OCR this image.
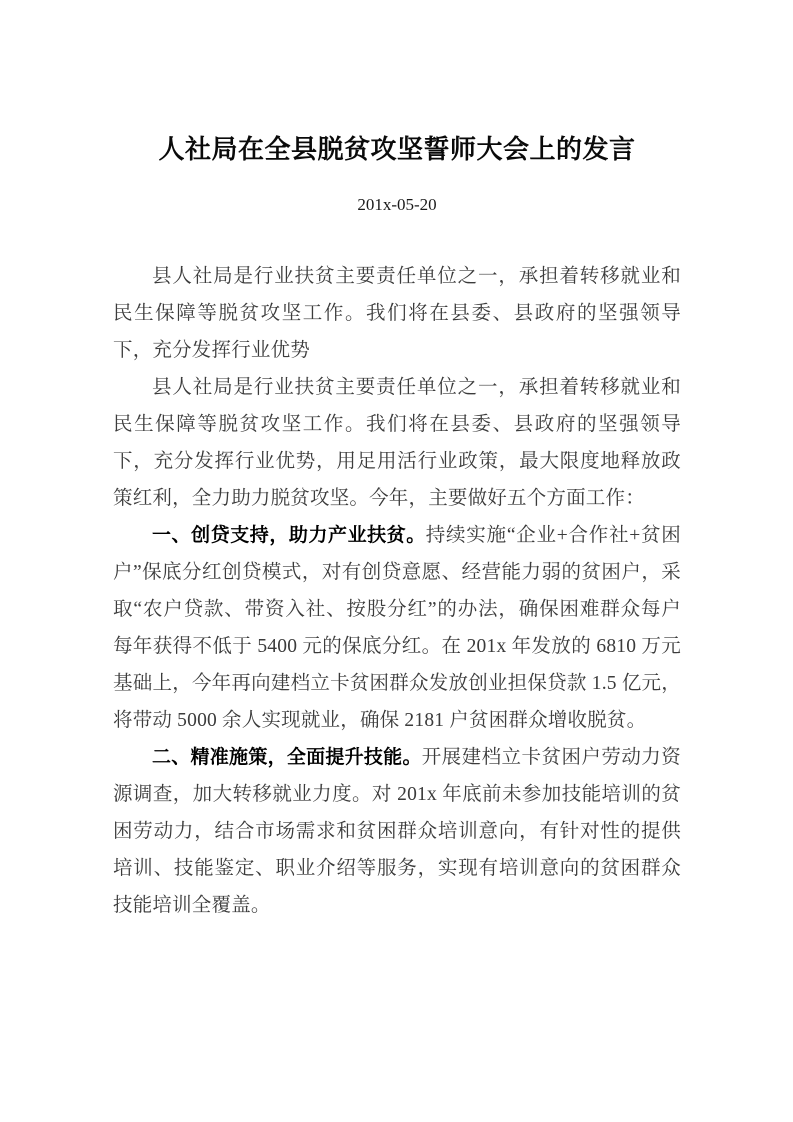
人社局在全县脱贫攻坚誓师大会上的发言
201x-05-20

县人社局是行业扶贫主要责任单位之一，承担着转移就业和民生保障等脱贫攻坚工作。我们将在县委、县政府的坚强领导下，充分发挥行业优势

县人社局是行业扶贫主要责任单位之一，承担着转移就业和民生保障等脱贫攻坚工作。我们将在县委、县政府的坚强领导下，充分发挥行业优势，用足用活行业政策，最大限度地释放政策红利，全力助力脱贫攻坚。今年，主要做好五个方面工作：

一、创贷支持，助力产业扶贫。持续实施“企业+合作社+贫困户”保底分红创贷模式，对有创贷意愿、经营能力弱的贫困户，采取“农户贷款、带资入社、按股分红”的办法，确保困难群众每户每年获得不低于 5400 元的保底分红。在 201x 年发放的 6810 万元基础上，今年再向建档立卡贫困群众发放创业担保贷款 1.5 亿元，将带动 5000 余人实现就业，确保 2181 户贫困群众增收脱贫。

二、精准施策，全面提升技能。开展建档立卡贫困户劳动力资源调查，加大转移就业力度。对 201x 年底前未参加技能培训的贫困劳动力，结合市场需求和贫困群众培训意向，有针对性的提供培训、技能鉴定、职业介绍等服务，实现有培训意向的贫困群众技能培训全覆盖。
